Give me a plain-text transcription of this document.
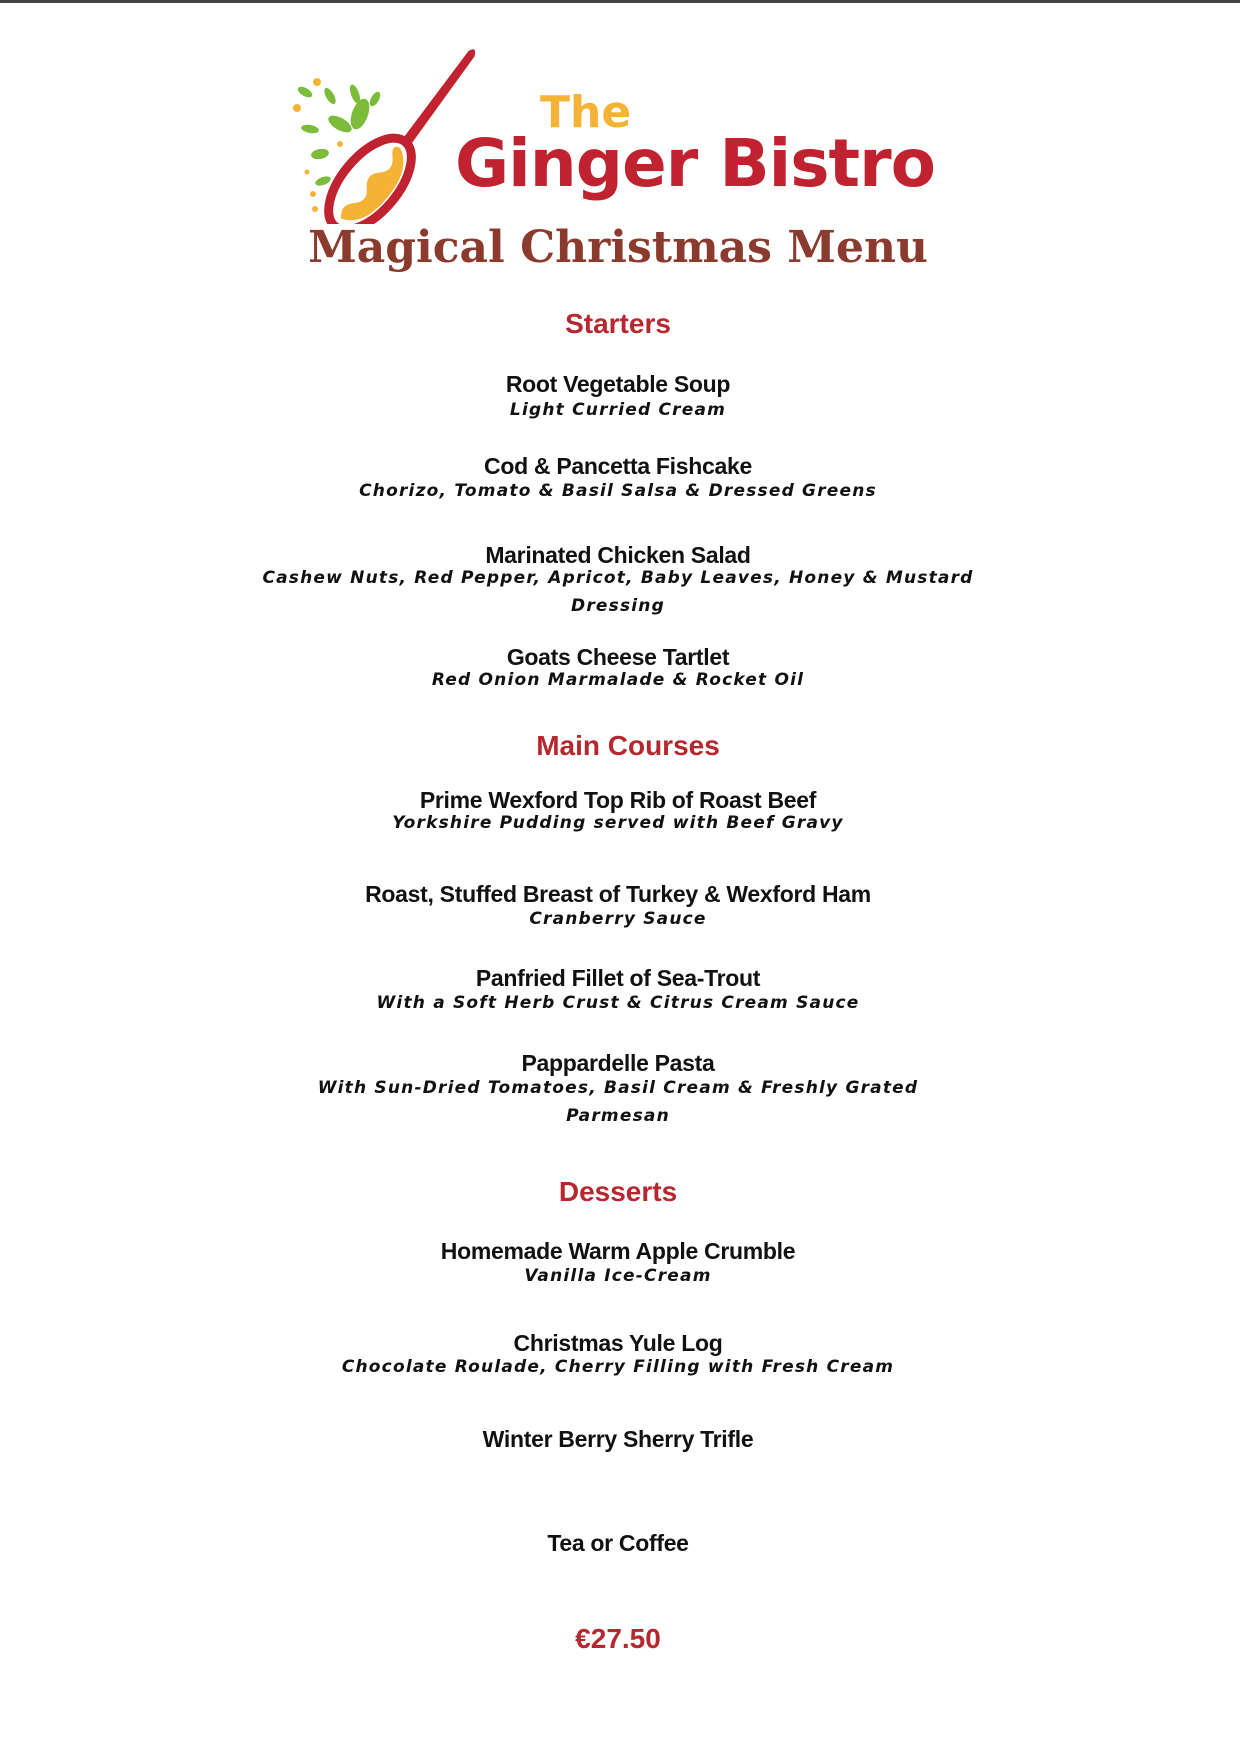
The
Ginger Bistro
Magical Christmas Menu
Starters
Root Vegetable Soup
Light Curried Cream
Cod & Pancetta Fishcake
Chorizo, Tomato & Basil Salsa & Dressed Greens
Marinated Chicken Salad
Cashew Nuts, Red Pepper, Apricot, Baby Leaves, Honey & Mustard
Dressing
Goats Cheese Tartlet
Red Onion Marmalade & Rocket Oil
Main Courses
Prime Wexford Top Rib of Roast Beef
Yorkshire Pudding served with Beef Gravy
Roast, Stuffed Breast of Turkey & Wexford Ham
Cranberry Sauce
Panfried Fillet of Sea-Trout
With a Soft Herb Crust & Citrus Cream Sauce
Pappardelle Pasta
With Sun-Dried Tomatoes, Basil Cream & Freshly Grated
Parmesan
Desserts
Homemade Warm Apple Crumble
Vanilla Ice-Cream
Christmas Yule Log
Chocolate Roulade, Cherry Filling with Fresh Cream
Winter Berry Sherry Trifle
Tea or Coffee
€27.50
